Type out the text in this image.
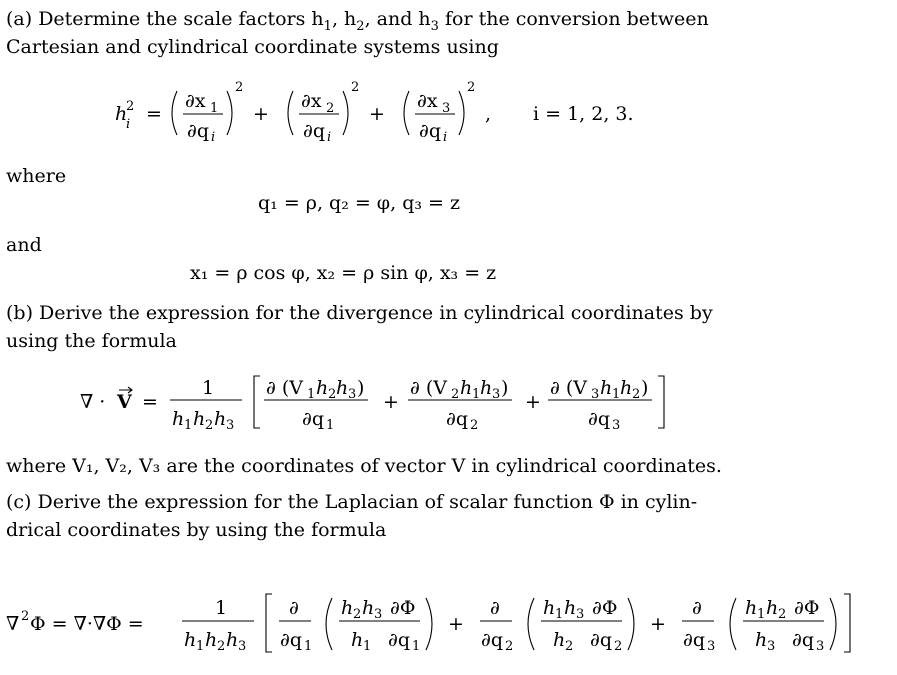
(a) Determine the scale factors $h_1$, $h_2$, and $h_3$ for the conversion between

Cartesian and cylindrical coordinate systems using

h
2
i =
∂x 1
∂q i
2
+
∂x 2
∂q i
2
+
∂x 3
∂q i
2
, i = 1, 2, 3.

where

q₁ = ρ, q₂ = φ, q₃ = z

and

x₁ = ρ cos φ, x₂ = ρ sin φ, x₃ = z

(b) Derive the expression for the divergence in cylindrical coordinates by

using the formula

∇ · V =
1
h 1 h 2 h 3
∂ (V 1 h 2 h 3 )
∂q 1
+
∂ (V 2 h 1 h 3 )
∂q 2
+
∂ (V 3 h 1 h 2 )
∂q 3

where V₁, V₂, V₃ are the coordinates of vector V in cylindrical coordinates.

(c) Derive the expression for the Laplacian of scalar function Φ in cylin-

drical coordinates by using the formula

∇ 2 Φ = ∇·∇Φ =
1
h 1 h 2 h 3
∂
∂q 1
h 2 h 3 ∂Φ
h 1 ∂q 1
+
∂
∂q 2
h 1 h 3 ∂Φ
h 2 ∂q 2
+
∂
∂q 3
h 1 h 2 ∂Φ
h 3 ∂q 3
